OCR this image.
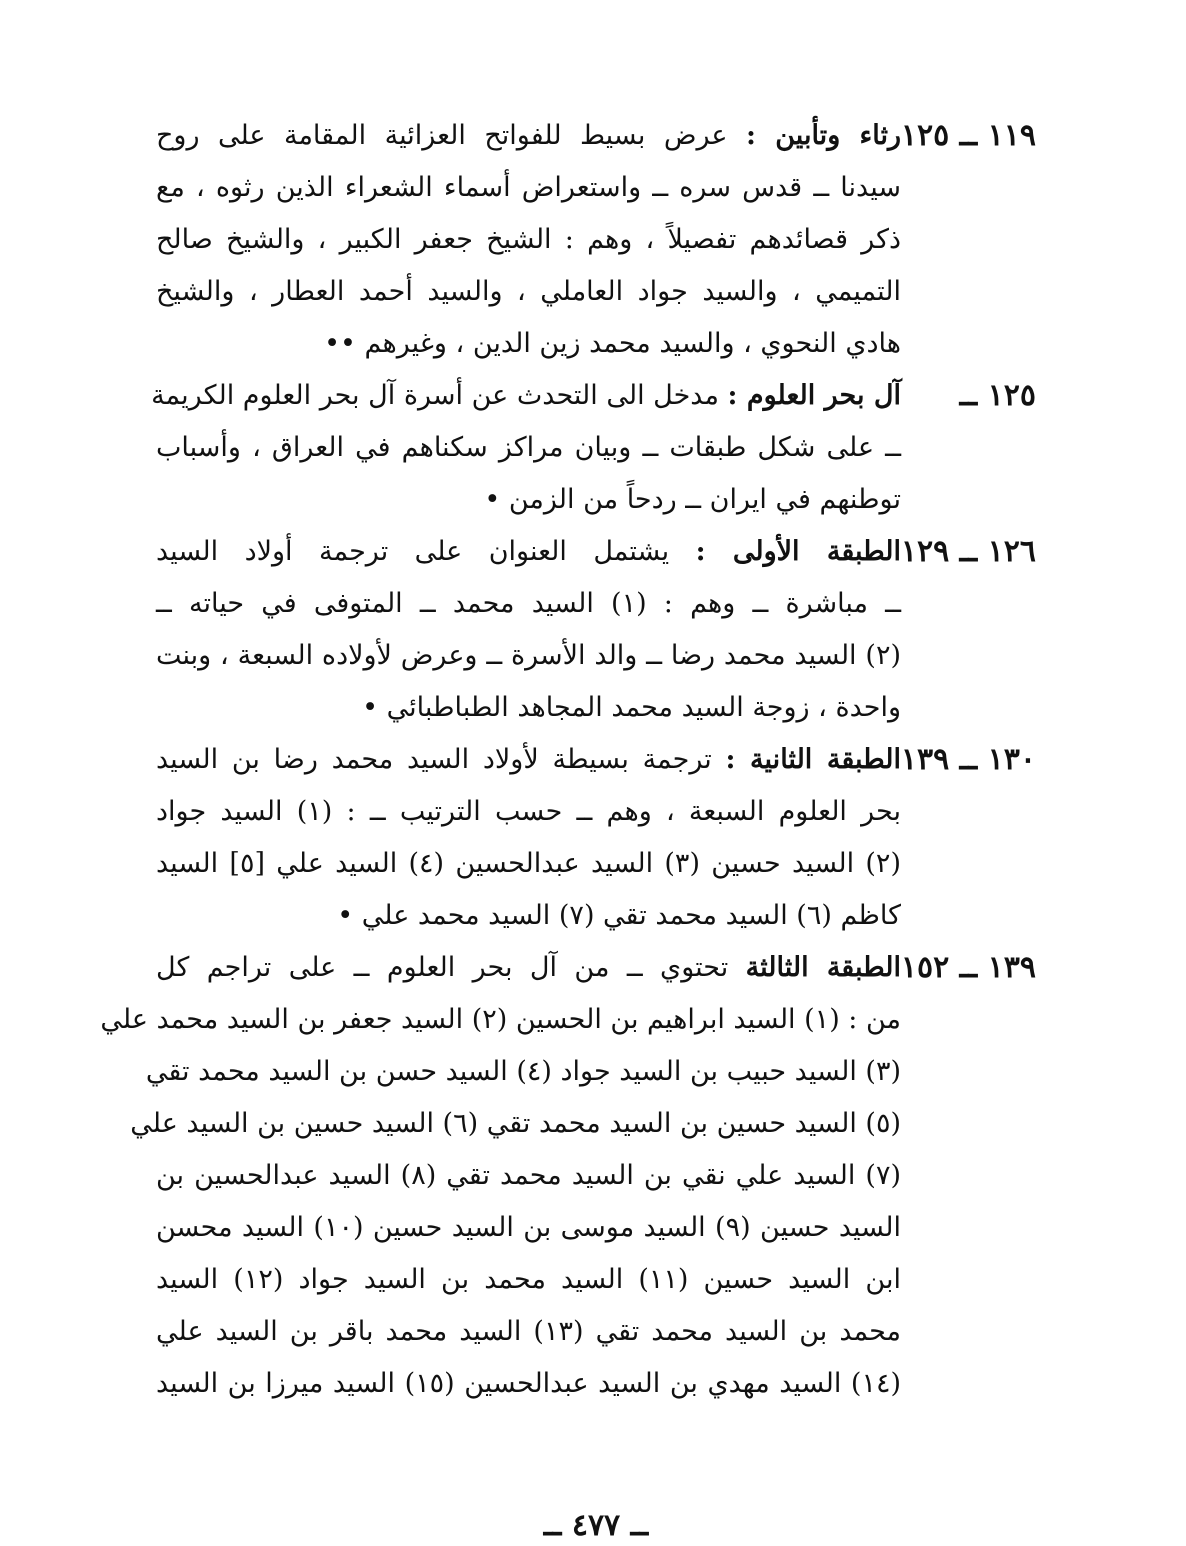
١١٩ ــ ١٢٥
رثاء وتأبين : عرض بسيط للفواتح العزائية المقامة على روح
سيدنا ــ قدس سره ــ واستعراض أسماء الشعراء الذين رثوه ، مع
ذكر قصائدهم تفصيلاً ، وهم : الشيخ جعفر الكبير ، والشيخ صالح
التميمي ، والسيد جواد العاملي ، والسيد أحمد العطار ، والشيخ
هادي النحوي ، والسيد محمد زين الدين ، وغيرهم ••
١٢٥ ــ
آل بحر العلوم : مدخل الى التحدث عن أسرة آل بحر العلوم الكريمة
ــ على شكل طبقات ــ وبيان مراكز سكناهم في العراق ، وأسباب
توطنهم في ايران ــ ردحاً من الزمن •
١٢٦ ــ ١٢٩
الطبقة الأولى : يشتمل العنوان على ترجمة أولاد السيد
ــ مباشرة ــ وهم : (١) السيد محمد ــ المتوفى في حياته ــ
(٢) السيد محمد رضا ــ والد الأسرة ــ وعرض لأولاده السبعة ، وبنت
واحدة ، زوجة السيد محمد المجاهد الطباطبائي •
١٣٠ ــ ١٣٩
الطبقة الثانية : ترجمة بسيطة لأولاد السيد محمد رضا بن السيد
بحر العلوم السبعة ، وهم ــ حسب الترتيب ــ : (١) السيد جواد
(٢) السيد حسين (٣) السيد عبدالحسين (٤) السيد علي [٥] السيد
كاظم (٦) السيد محمد تقي (٧) السيد محمد علي •
١٣٩ ــ ١٥٢
الطبقة الثالثة تحتوي ــ من آل بحر العلوم ــ على تراجم كل
من : (١) السيد ابراهيم بن الحسين (٢) السيد جعفر بن السيد محمد علي
(٣) السيد حبيب بن السيد جواد (٤) السيد حسن بن السيد محمد تقي
(٥) السيد حسين بن السيد محمد تقي (٦) السيد حسين بن السيد علي
(٧) السيد علي نقي بن السيد محمد تقي (٨) السيد عبدالحسين بن
السيد حسين (٩) السيد موسى بن السيد حسين (١٠) السيد محسن
ابن السيد حسين (١١) السيد محمد بن السيد جواد (١٢) السيد
محمد بن السيد محمد تقي (١٣) السيد محمد باقر بن السيد علي
(١٤) السيد مهدي بن السيد عبدالحسين (١٥) السيد ميرزا بن السيد
ــ ٤٧٧ ــ
